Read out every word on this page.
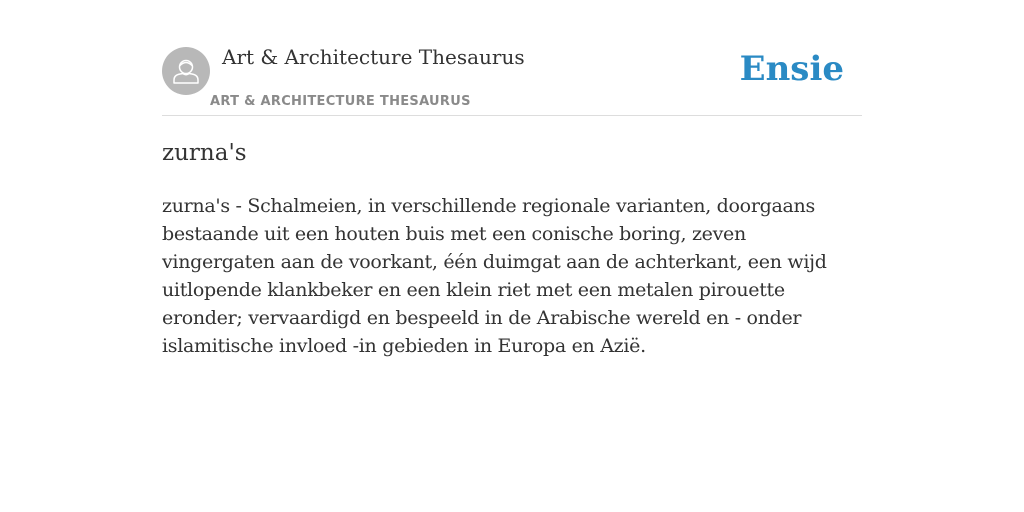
Art & Architecture Thesaurus
ART & ARCHITECTURE THESAURUS
Ensie
zurna's

zurna's - Schalmeien, in verschillende regionale varianten, doorgaans bestaande uit een houten buis met een conische boring, zeven vingergaten aan de voorkant, één duimgat aan de achterkant, een wijd uitlopende klankbeker en een klein riet met een metalen pirouette eronder; vervaardigd en bespeeld in de Arabische wereld en - onder islamitische invloed -in gebieden in Europa en Azië.
